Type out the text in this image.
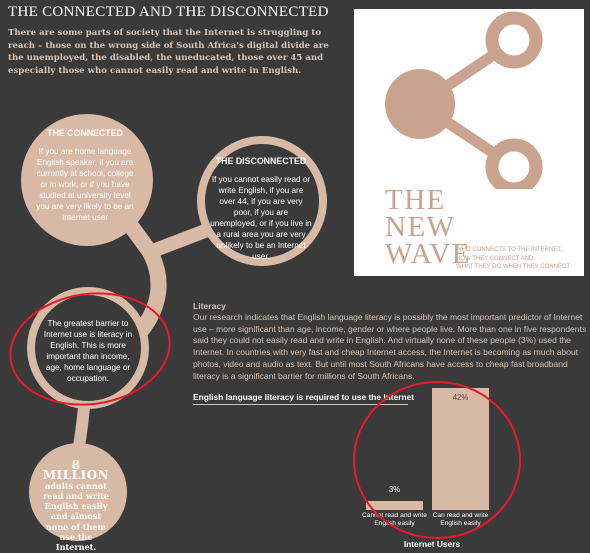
THE CONNECTED AND THE DISCONNECTED
There are some parts of society that the Internet is struggling to reach – those on the wrong side of South Africa's digital divide are the unemployed, the disabled, the uneducated, those over 45 and especially those who cannot easily read and write in English.
THE CONNECTED
If you are home language English speaker, if you are currently at school, college or in work, or if you have studied at university level you are very likely to be an Internet user
THE DISCONNECTED
If you cannot easily read or write English, if you are over 44, if you are very poor, if you are unemployed, or if you live in a rural area you are very unlikely to be an Internet user.
The greatest barrier to Internet use is literacy in English. This is more important than income, age, home language or occupation.
8 MILLION
adults cannot read and write English easily and almost none of them use the Internet.
THE
NEW
WAVE
WHO CONNECTS TO THE INTERNET,
HOW THEY CONNECT AND
WHAT THEY DO WHEN THEY CONNECT
Literacy
Our research indicates that English language literacy is possibly the most important predictor of Internet use – more significant than age, income, gender or where people live. More than one in five respondents said they could not easily read and write in English. And virtually none of these people (3%) used the Internet. In countries with very fast and cheap Internet access, the Internet is becoming as much about photos, video and audio as text. But until most South Africans have access to cheap fast broadband literacy is a significant barrier for millions of South Africans.
English language literacy is required to use the Internet
3%
42%
Cannot read and write English easily
Can read and write English easily
Internet Users
